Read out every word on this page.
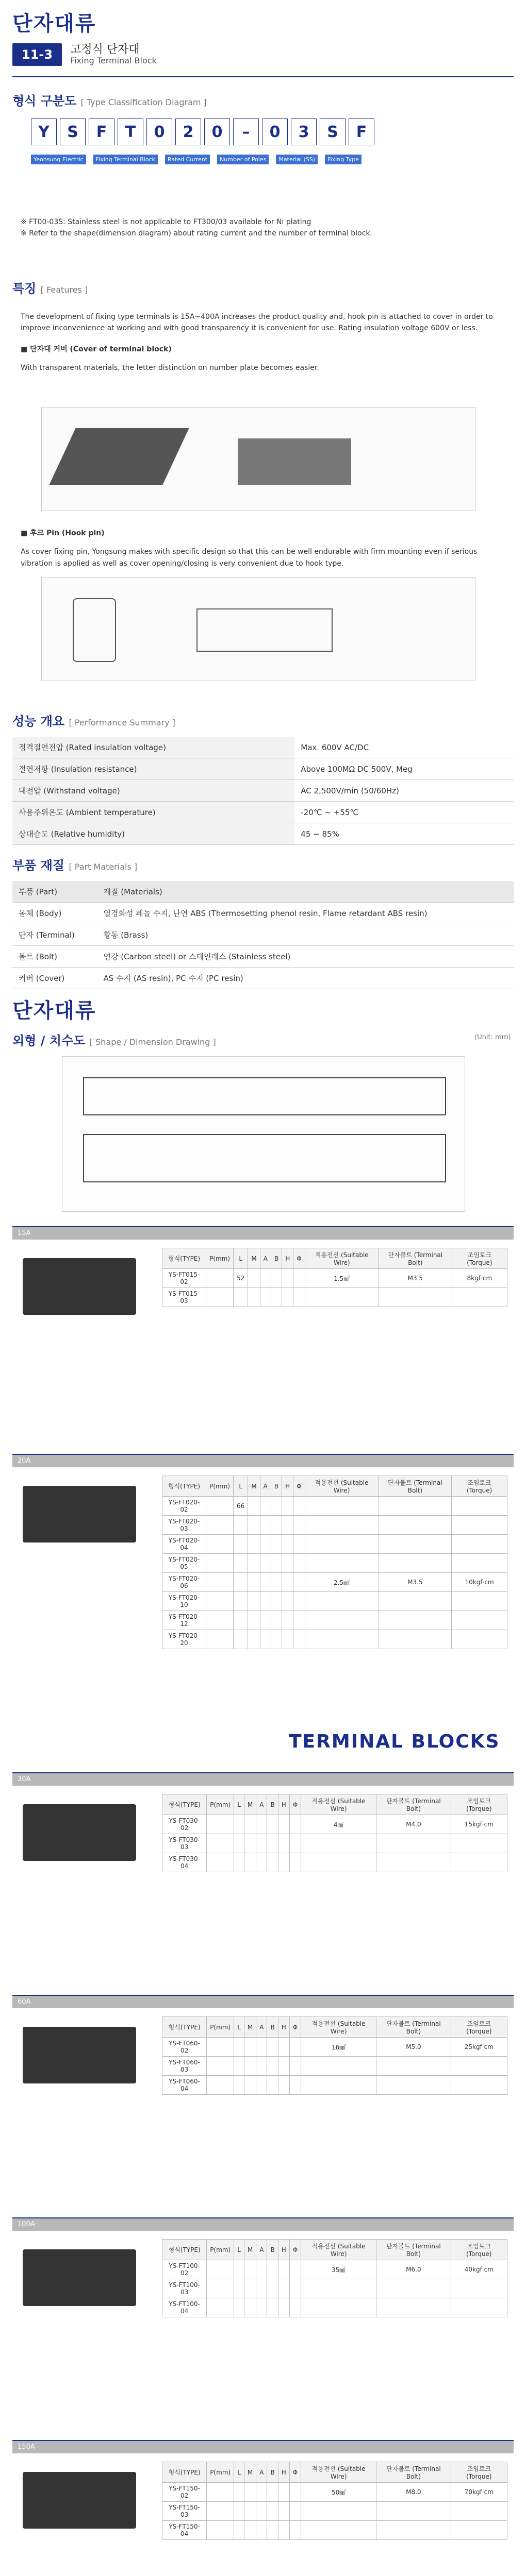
단자대류
11-3	고정식 단자대
Fixing Terminal Block
형식 구분도 [ Type Classification Diagram ]
Y	S	F	T	0	2	0	–	0	3	S	F
Yeonsung Electric	Fixing Terminal Block	Rated Current	Number of Poles	Material (SS)	Fixing Type
※ FT00-03S: Stainless steel is not applicable to FT300/03 available for Ni plating
※ Refer to the shape(dimension diagram) about rating current and the number of terminal block.
특징 [ Features ]

The development of fixing type terminals is 15A~400A increases the product quality and, hook pin is attached to cover in order to improve inconvenience at working and with good transparency it is convenient for use. Rating insulation voltage 600V or less.

■ 단자대 커버 (Cover of terminal block)

With transparent materials, the letter distinction on number plate becomes easier.

■ 후크 Pin (Hook pin)

As cover fixing pin, Yongsung makes with specific design so that this can be well endurable with firm mounting even if serious vibration is applied as well as cover opening/closing is very convenient due to hook type.

성능 개요 [ Performance Summary ]
정격절연전압 (Rated insulation voltage)	Max. 600V AC/DC
절연저항 (Insulation resistance)	Above 100MΩ DC 500V, Meg
내전압 (Withstand voltage)	AC 2,500V/min (50/60Hz)
사용주위온도 (Ambient temperature)	-20℃ ~ +55℃
상대습도 (Relative humidity)	45 ~ 85%
부품 재질 [ Part Materials ]
부품 (Part)	재질 (Materials)
몸체 (Body)	열경화성 페놀 수지, 난연 ABS (Thermosetting phenol resin, Flame retardant ABS resin)
단자 (Terminal)	황동 (Brass)
볼트 (Bolt)	연강 (Carbon steel) or 스테인레스 (Stainless steel)
커버 (Cover)	AS 수지 (AS resin), PC 수지 (PC resin)
단자대류
외형 / 치수도 [ Shape / Dimension Drawing ]	(Unit: mm)
15A
형식(TYPE)	P(mm)	L	M	A	B	H	Φ	적용전선 (Suitable Wire)	단자볼트 (Terminal Bolt)	조임토크 (Torque)
YS-FT015-02		52						1.5㎟	M3.5	8kgf·cm
YS-FT015-03										
20A
형식(TYPE)	P(mm)	L	M	A	B	H	Φ	적용전선 (Suitable Wire)	단자볼트 (Terminal Bolt)	조임토크 (Torque)
YS-FT020-02		66								
YS-FT020-03										
YS-FT020-04										
YS-FT020-05										
YS-FT020-06								2.5㎟	M3.5	10kgf·cm
YS-FT020-10										
YS-FT020-12										
YS-FT020-20										
TERMINAL BLOCKS
30A
형식(TYPE)	P(mm)	L	M	A	B	H	Φ	적용전선 (Suitable Wire)	단자볼트 (Terminal Bolt)	조임토크 (Torque)
YS-FT030-02								4㎟	M4.0	15kgf·cm
YS-FT030-03										
YS-FT030-04										
60A
형식(TYPE)	P(mm)	L	M	A	B	H	Φ	적용전선 (Suitable Wire)	단자볼트 (Terminal Bolt)	조임토크 (Torque)
YS-FT060-02								16㎟	M5.0	25kgf·cm
YS-FT060-03										
YS-FT060-04										
100A
형식(TYPE)	P(mm)	L	M	A	B	H	Φ	적용전선 (Suitable Wire)	단자볼트 (Terminal Bolt)	조임토크 (Torque)
YS-FT100-02								35㎟	M6.0	40kgf·cm
YS-FT100-03										
YS-FT100-04										
150A
형식(TYPE)	P(mm)	L	M	A	B	H	Φ	적용전선 (Suitable Wire)	단자볼트 (Terminal Bolt)	조임토크 (Torque)
YS-FT150-02								50㎟	M8.0	70kgf·cm
YS-FT150-03										
YS-FT150-04										
